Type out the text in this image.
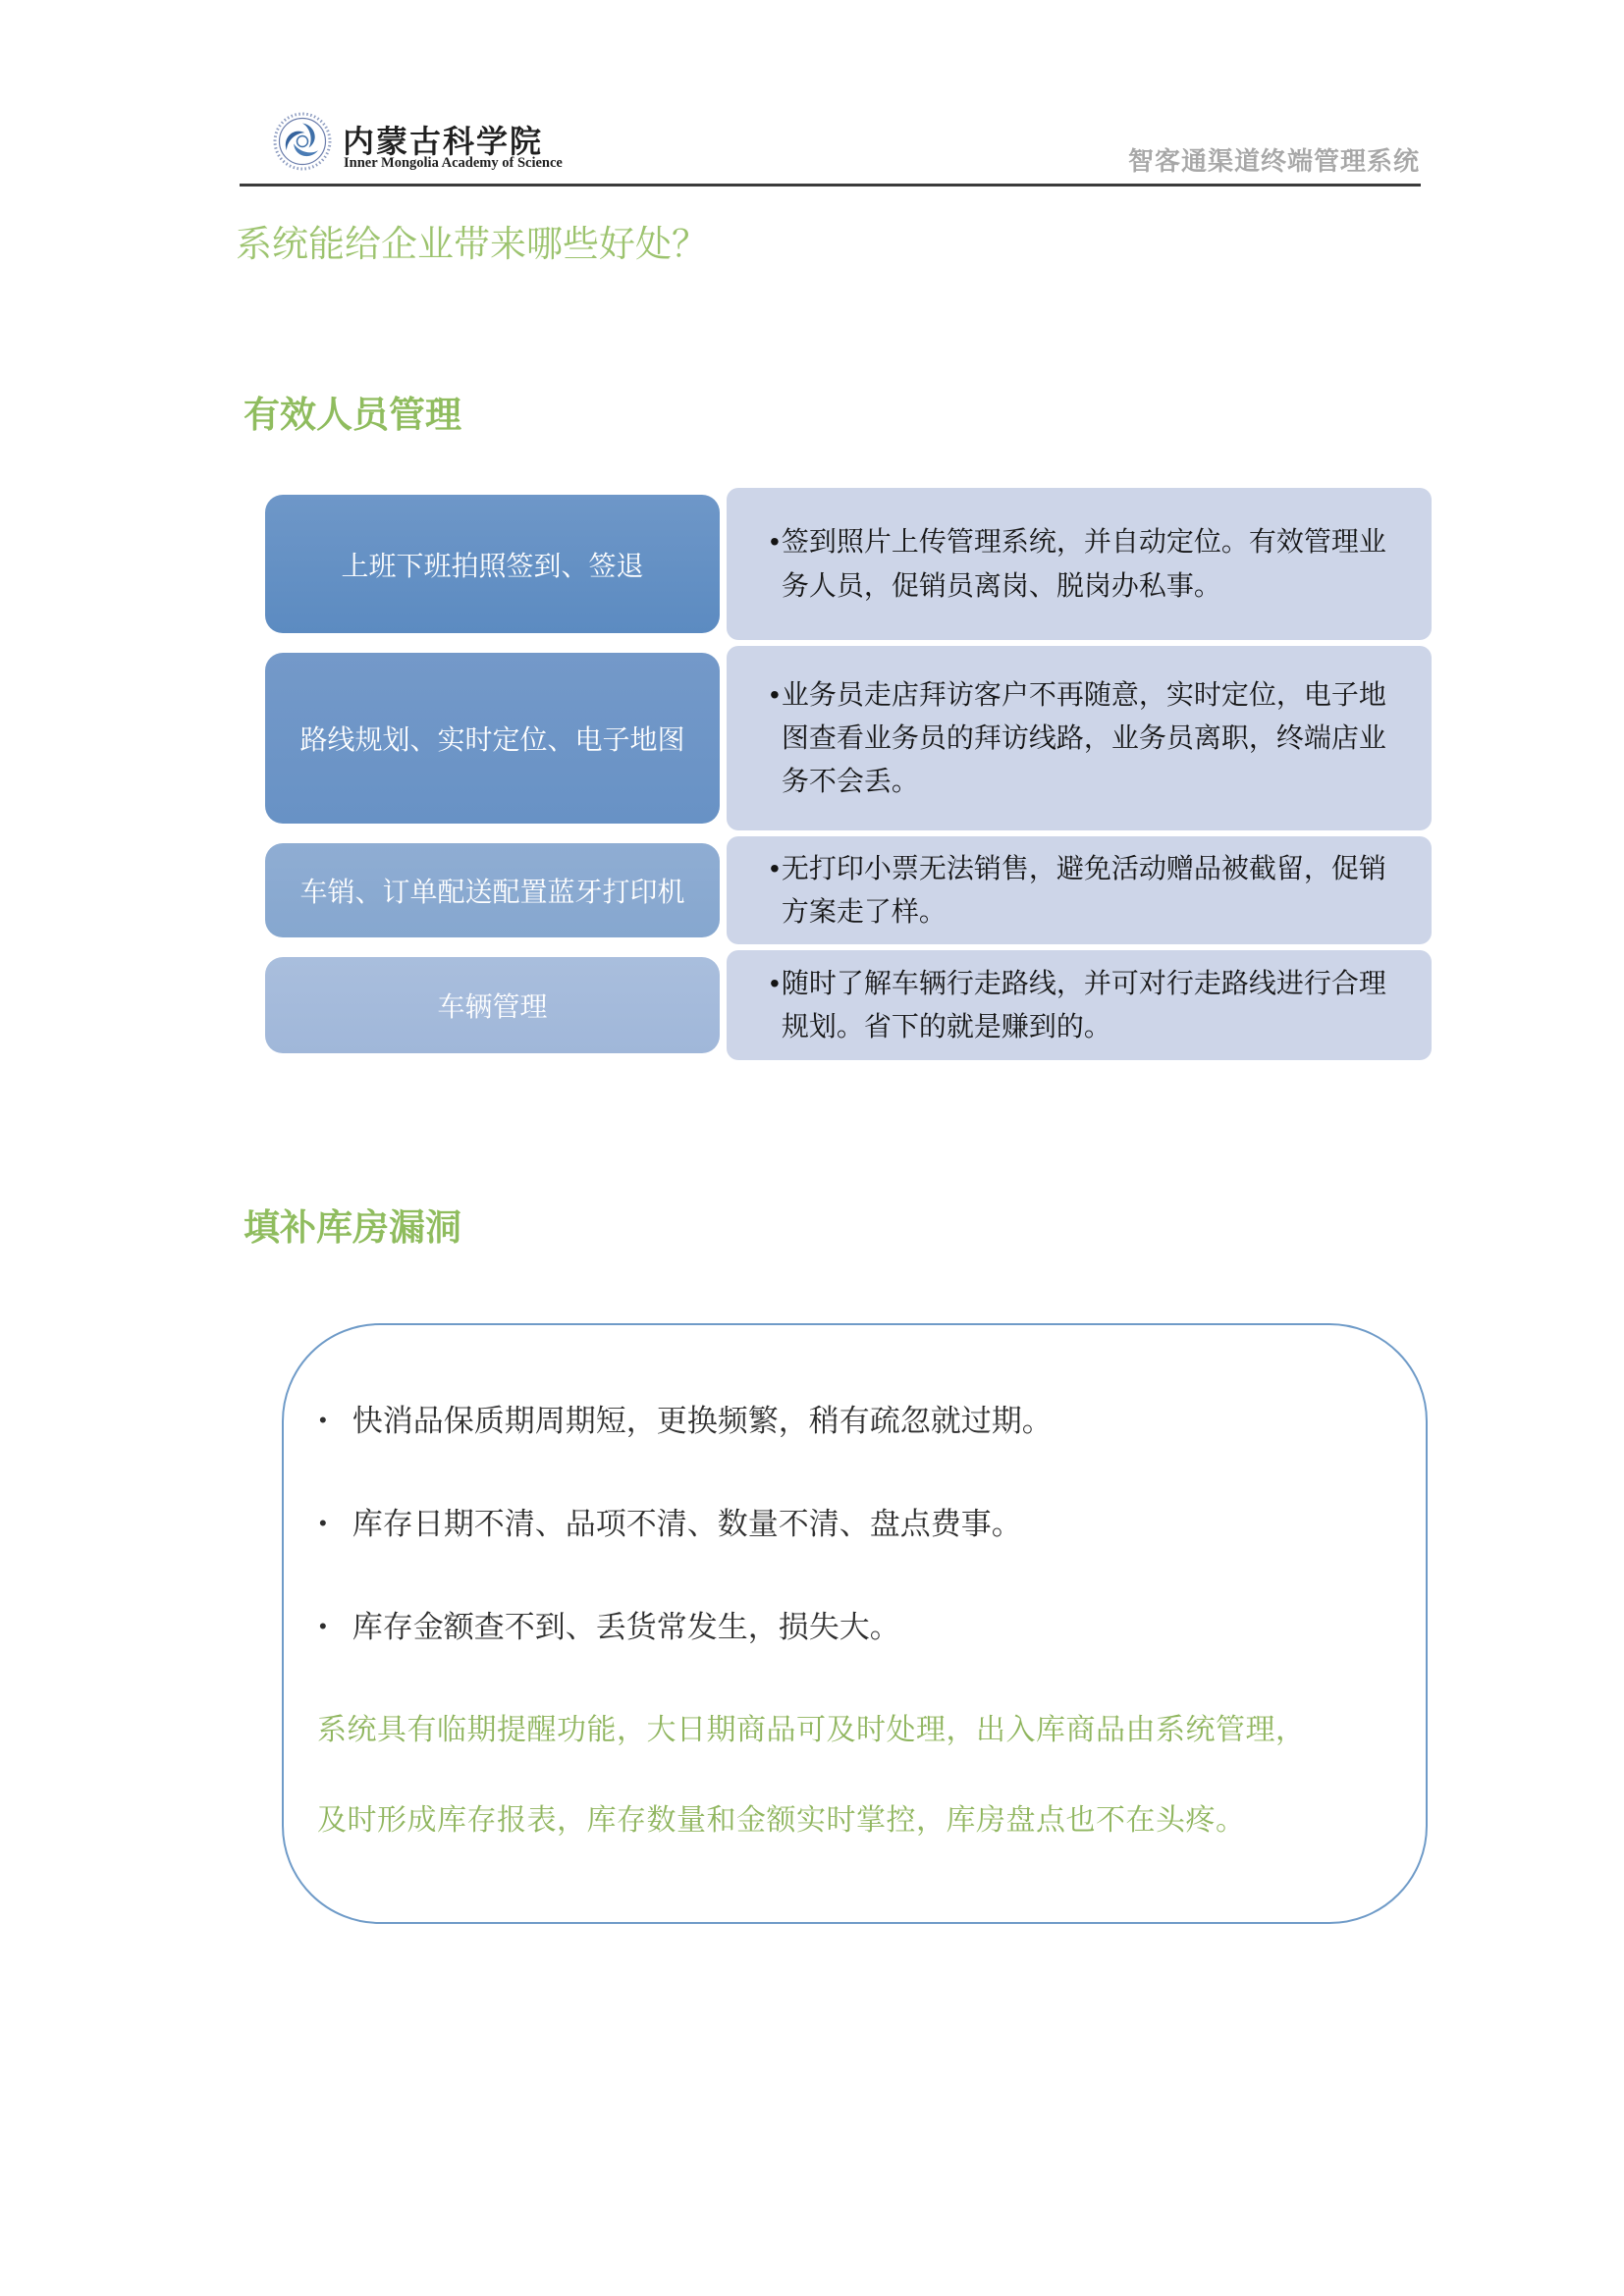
内蒙古科学院
Inner Mongolia Academy of Science	智客通渠道终端管理系统
系统能给企业带来哪些好处？
有效人员管理
上班下班拍照签到、签退
• 签到照片上传管理系统，并自动定位。有效管理业务人员，促销员离岗、脱岗办私事。
路线规划、实时定位、电子地图
• 业务员走店拜访客户不再随意，实时定位，电子地图查看业务员的拜访线路，业务员离职，终端店业务不会丢。
车销、订单配送配置蓝牙打印机
• 无打印小票无法销售，避免活动赠品被截留，促销方案走了样。
车辆管理
• 随时了解车辆行走路线，并可对行走路线进行合理规划。省下的就是赚到的。
填补库房漏洞
• 快消品保质期周期短，更换频繁，稍有疏忽就过期。
• 库存日期不清、品项不清、数量不清、盘点费事。
• 库存金额查不到、丢货常发生，损失大。
系统具有临期提醒功能，大日期商品可及时处理，出入库商品由系统管理，
及时形成库存报表，库存数量和金额实时掌控，库房盘点也不在头疼。
